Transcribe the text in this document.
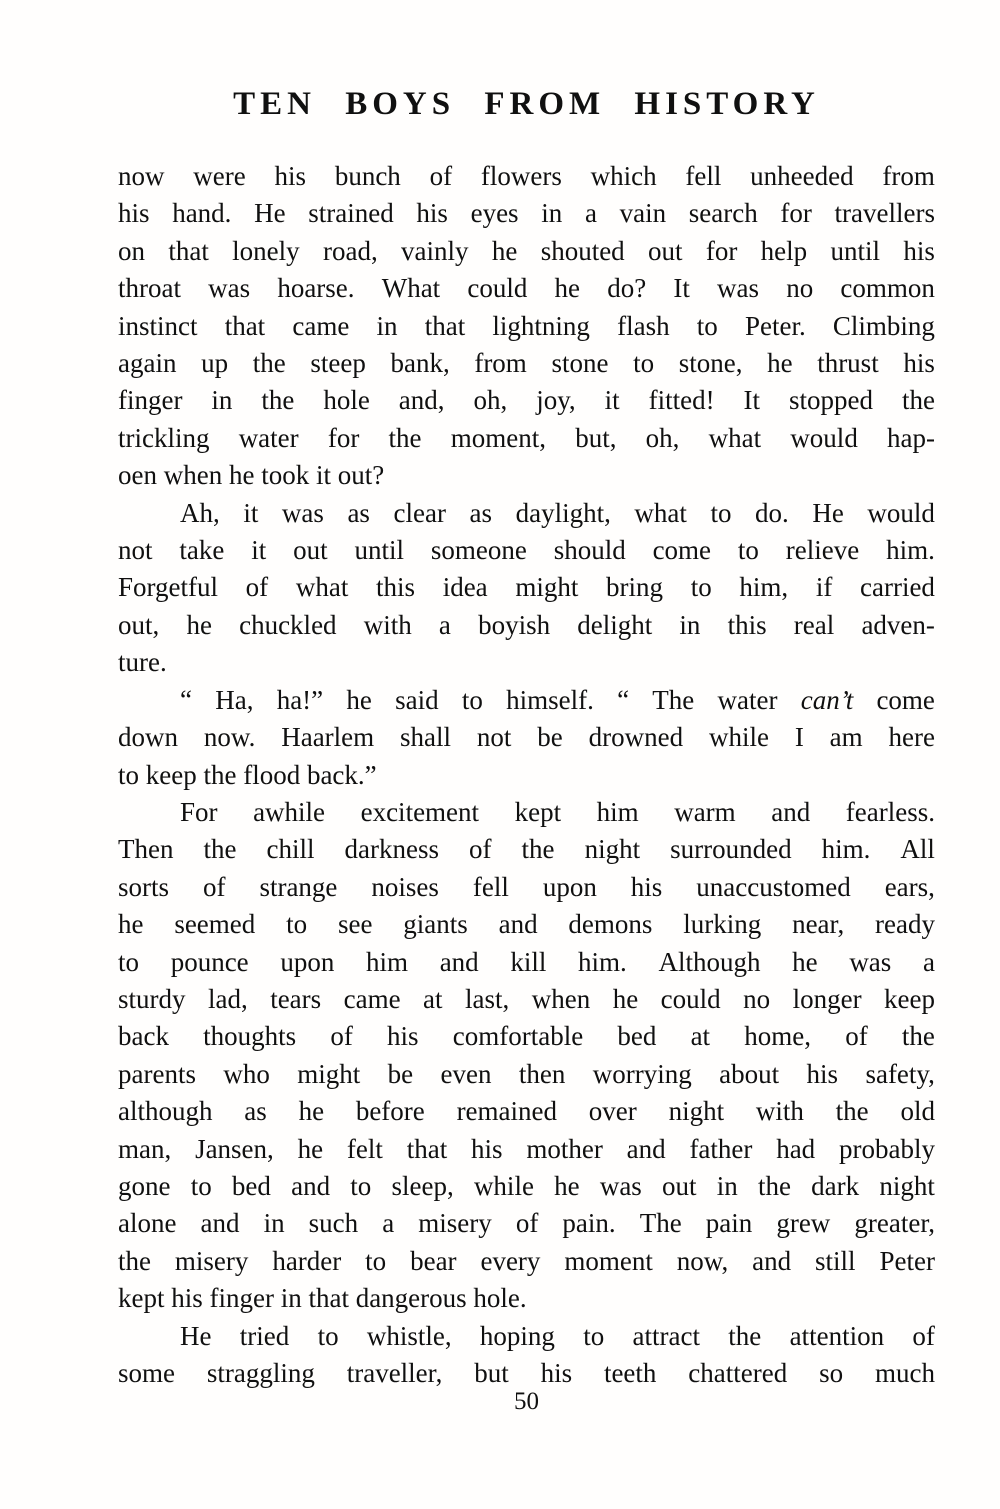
TEN BOYS FROM HISTORY
now were his bunch of flowers which fell unheeded from
his hand. He strained his eyes in a vain search for travellers
on that lonely road, vainly he shouted out for help until his
throat was hoarse. What could he do? It was no common
instinct that came in that lightning flash to Peter. Climbing
again up the steep bank, from stone to stone, he thrust his
finger in the hole and, oh, joy, it fitted! It stopped the
trickling water for the moment, but, oh, what would hap-
oen when he took it out?
Ah, it was as clear as daylight, what to do. He would
not take it out until someone should come to relieve him.
Forgetful of what this idea might bring to him, if carried
out, he chuckled with a boyish delight in this real adven-
ture.
“ Ha, ha!” he said to himself. “ The water can’t come
down now. Haarlem shall not be drowned while I am here
to keep the flood back.”
For awhile excitement kept him warm and fearless.
Then the chill darkness of the night surrounded him. All
sorts of strange noises fell upon his unaccustomed ears,
he seemed to see giants and demons lurking near, ready
to pounce upon him and kill him. Although he was a
sturdy lad, tears came at last, when he could no longer keep
back thoughts of his comfortable bed at home, of the
parents who might be even then worrying about his safety,
although as he before remained over night with the old
man, Jansen, he felt that his mother and father had probably
gone to bed and to sleep, while he was out in the dark night
alone and in such a misery of pain. The pain grew greater,
the misery harder to bear every moment now, and still Peter
kept his finger in that dangerous hole.
He tried to whistle, hoping to attract the attention of
some straggling traveller, but his teeth chattered so much
50
